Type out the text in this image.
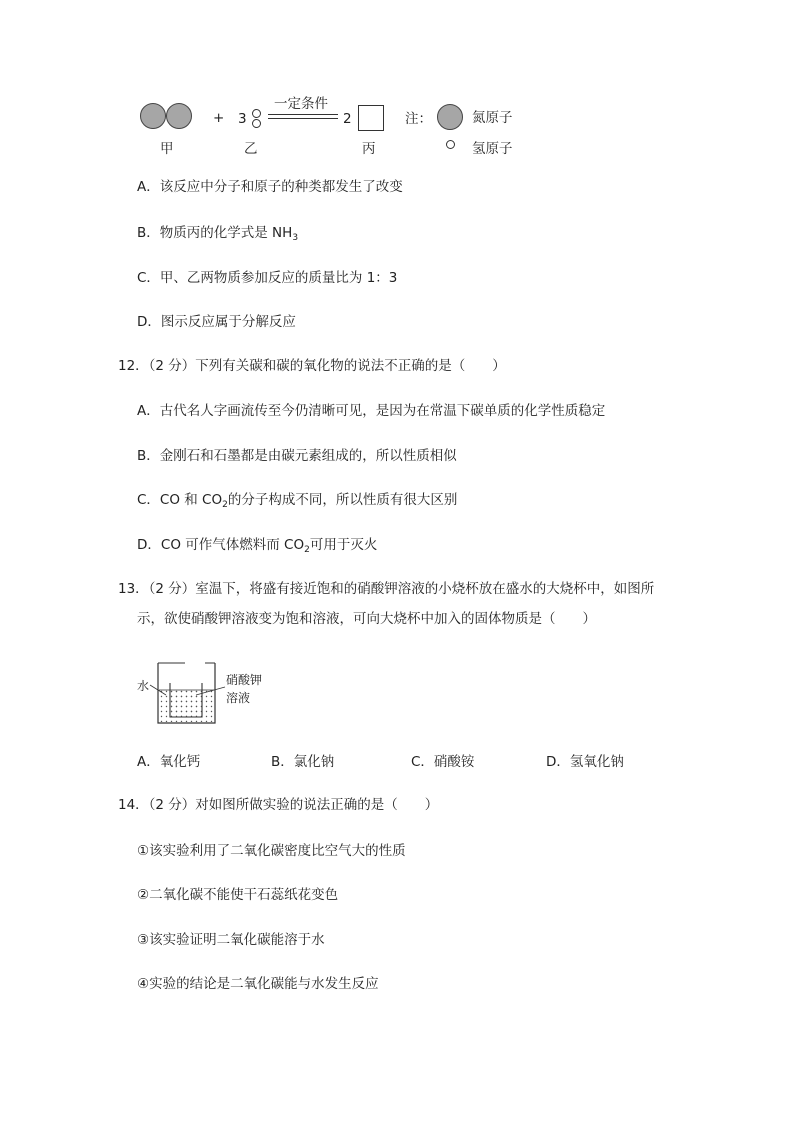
+ 3
一定条件
2	注：	氮原子
氢原子
甲	乙	丙
A．该反应中分子和原子的种类都发生了改变
B．物质丙的化学式是 $NH_3$
C．甲、乙两物质参加反应的质量比为 1：3
D．图示反应属于分解反应
12．（2 分）下列有关碳和碳的氧化物的说法不正确的是（　　）
A．古代名人字画流传至今仍清晰可见，是因为在常温下碳单质的化学性质稳定
B．金刚石和石墨都是由碳元素组成的，所以性质相似
C．CO 和 $CO_2$的分子构成不同，所以性质有很大区别
D．CO 可作气体燃料而 $CO_2$可用于灭火
13．（2 分）室温下，将盛有接近饱和的硝酸钾溶液的小烧杯放在盛水的大烧杯中，如图所
示，欲使硝酸钾溶液变为饱和溶液，可向大烧杯中加入的固体物质是（　　）
水	硝酸钾
溶液
A．氧化钙	B．氯化钠	C．硝酸铵	D．氢氧化钠
14．（2 分）对如图所做实验的说法正确的是（　　）
①该实验利用了二氧化碳密度比空气大的性质
②二氧化碳不能使干石蕊纸花变色
③该实验证明二氧化碳能溶于水
④实验的结论是二氧化碳能与水发生反应
